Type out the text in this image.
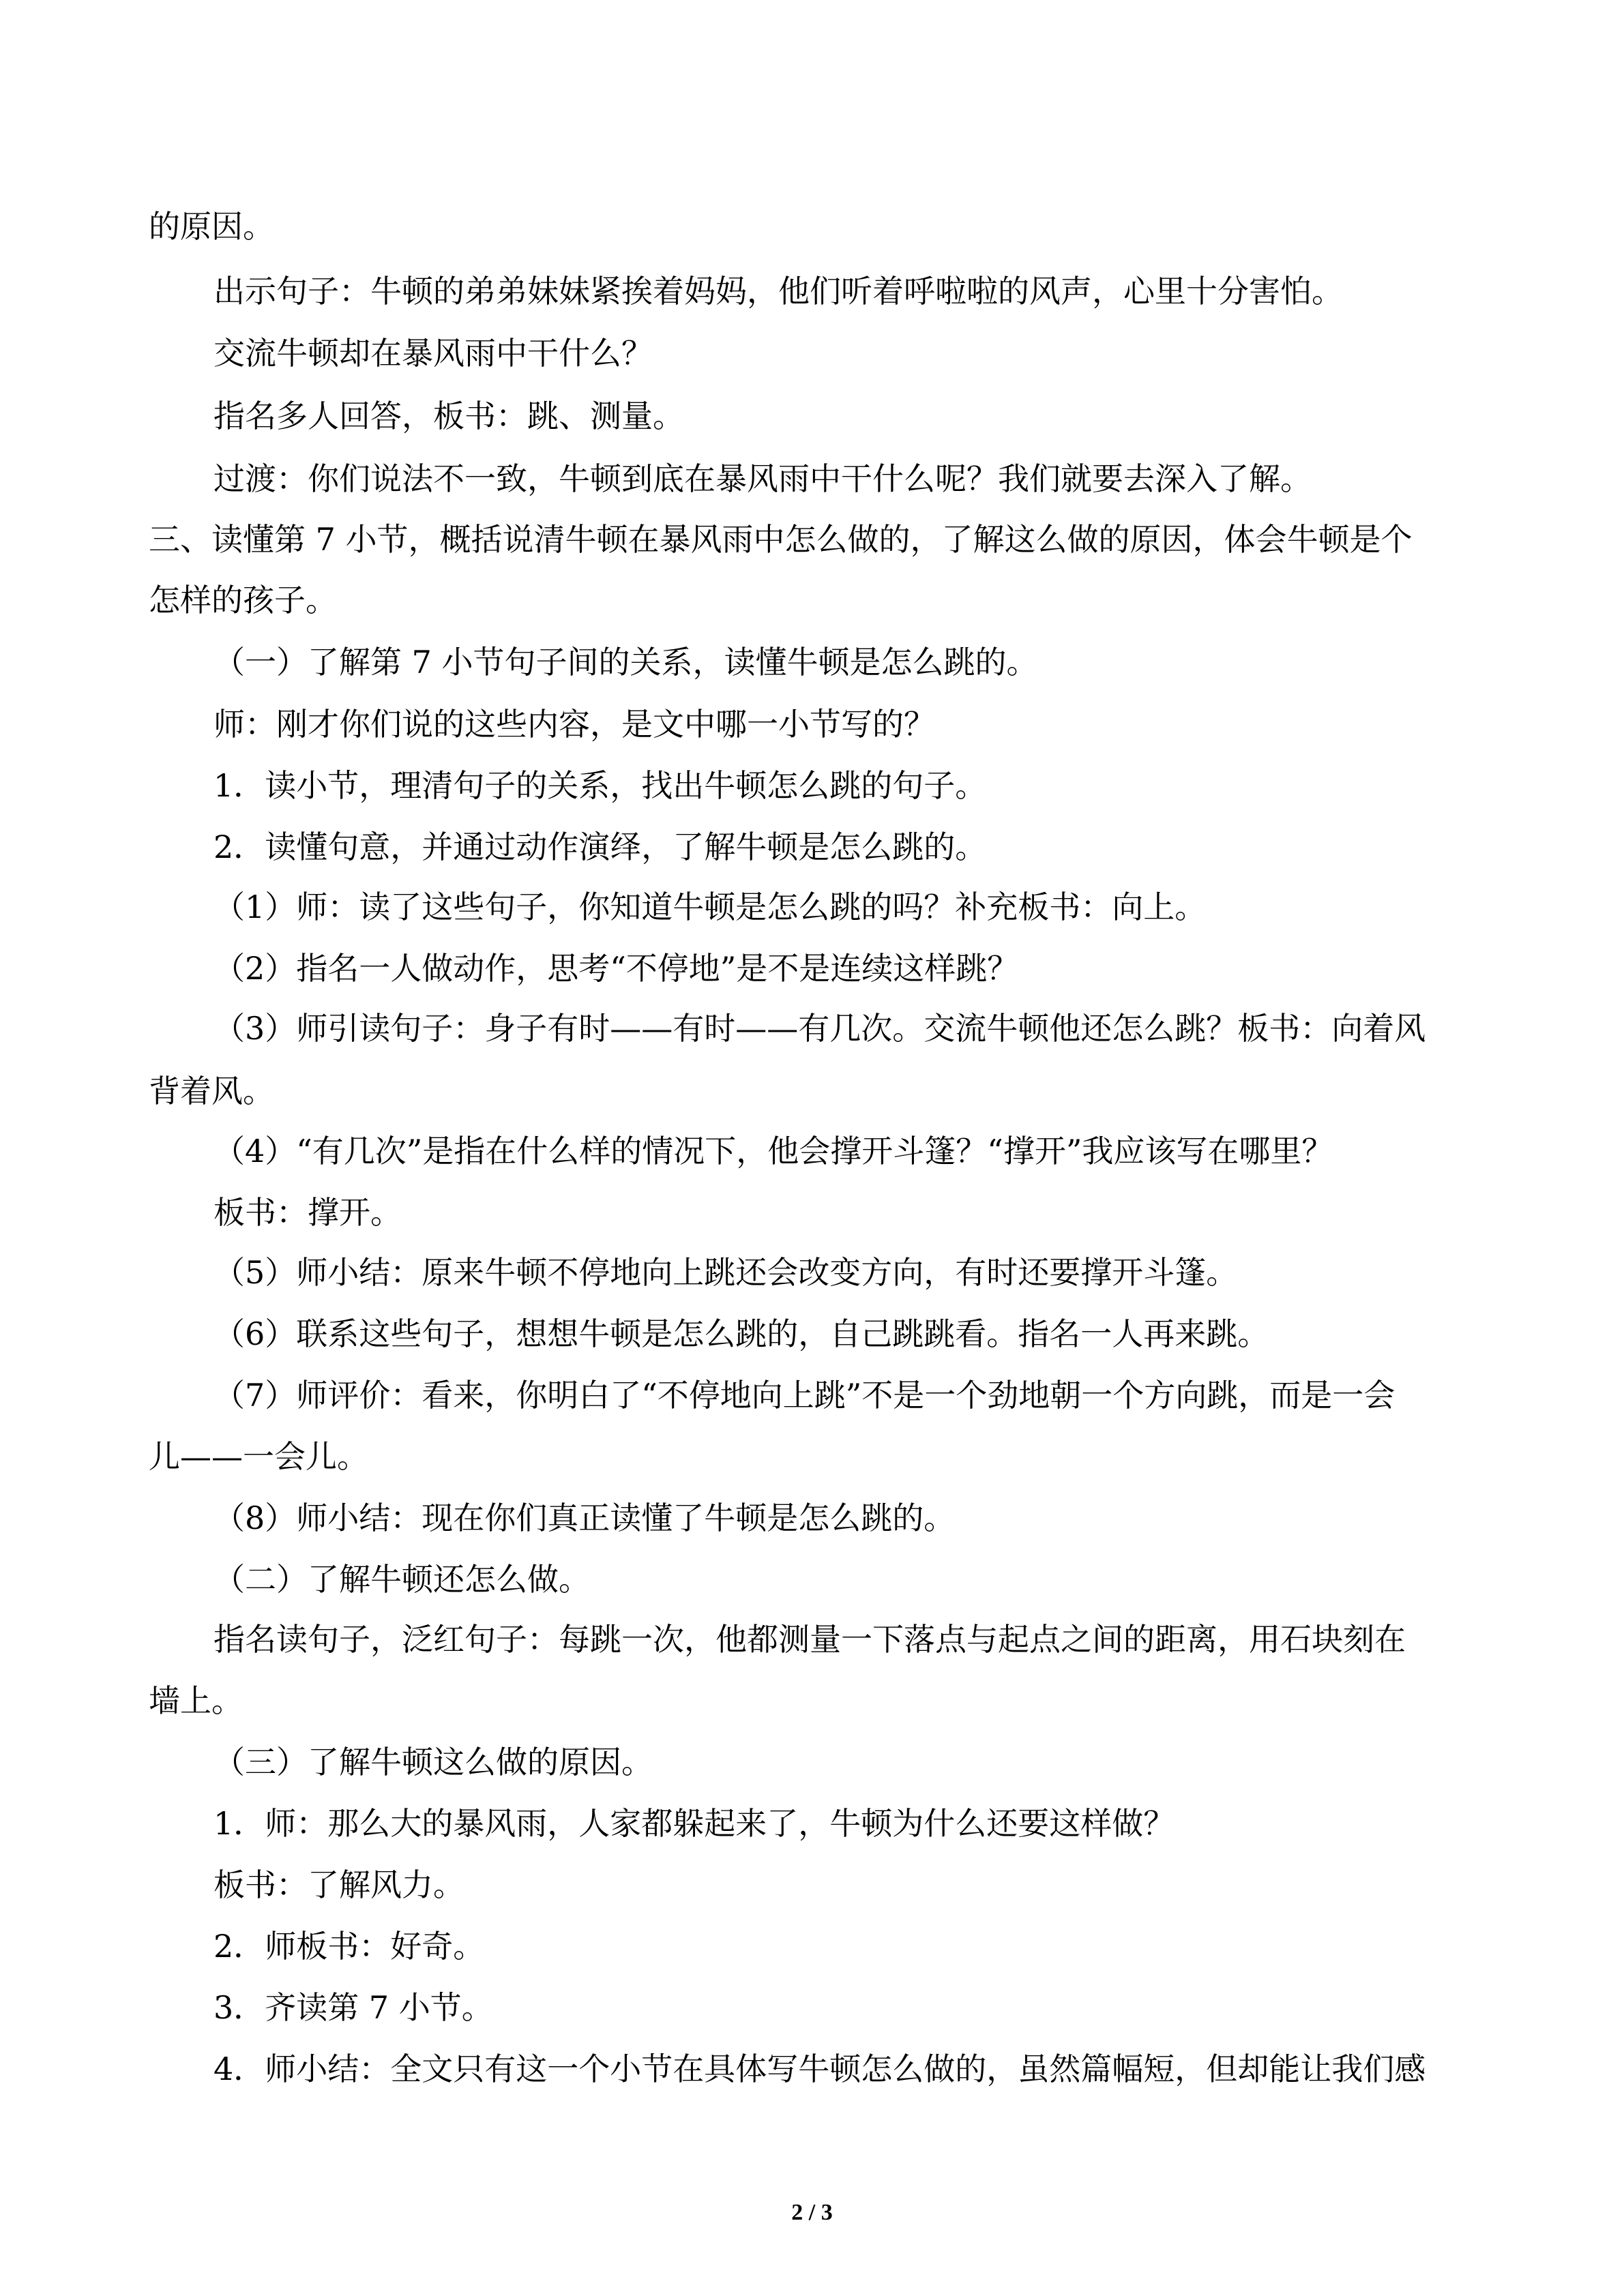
的原因。
出示句子：牛顿的弟弟妹妹紧挨着妈妈，他们听着呼啦啦的风声，心里十分害怕。
交流牛顿却在暴风雨中干什么？
指名多人回答，板书：跳、测量。
过渡：你们说法不一致，牛顿到底在暴风雨中干什么呢？我们就要去深入了解。
三、读懂第 7 小节，概括说清牛顿在暴风雨中怎么做的，了解这么做的原因，体会牛顿是个
怎样的孩子。
（一）了解第 7 小节句子间的关系，读懂牛顿是怎么跳的。
师：刚才你们说的这些内容，是文中哪一小节写的？
1．读小节，理清句子的关系，找出牛顿怎么跳的句子。
2．读懂句意，并通过动作演绎，了解牛顿是怎么跳的。
（1）师：读了这些句子，你知道牛顿是怎么跳的吗？补充板书：向上。
（2）指名一人做动作，思考“不停地”是不是连续这样跳？
（3）师引读句子：身子有时——有时——有几次。交流牛顿他还怎么跳？板书：向着风
背着风。
（4）“有几次”是指在什么样的情况下，他会撑开斗篷？“撑开”我应该写在哪里？
板书：撑开。
（5）师小结：原来牛顿不停地向上跳还会改变方向，有时还要撑开斗篷。
（6）联系这些句子，想想牛顿是怎么跳的，自己跳跳看。指名一人再来跳。
（7）师评价：看来，你明白了“不停地向上跳”不是一个劲地朝一个方向跳，而是一会
儿——一会儿。
（8）师小结：现在你们真正读懂了牛顿是怎么跳的。
（二）了解牛顿还怎么做。
指名读句子，泛红句子：每跳一次，他都测量一下落点与起点之间的距离，用石块刻在
墙上。
（三）了解牛顿这么做的原因。
1．师：那么大的暴风雨，人家都躲起来了，牛顿为什么还要这样做？
板书：了解风力。
2．师板书：好奇。
3．齐读第 7 小节。
4．师小结：全文只有这一个小节在具体写牛顿怎么做的，虽然篇幅短，但却能让我们感
2 / 3
